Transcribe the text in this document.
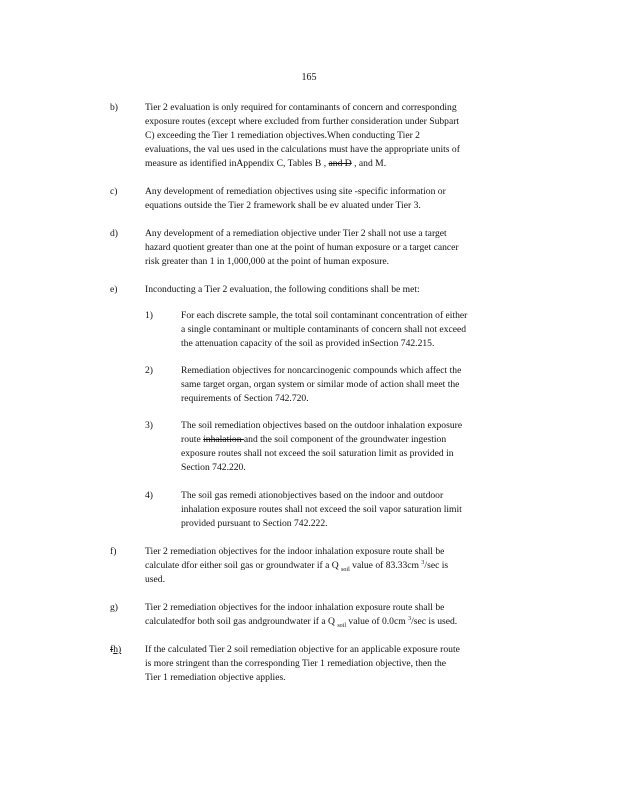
165
b)	Tier 2 evaluation is only required for contaminants of concern and corresponding
exposure routes (except where excluded from further consideration under Subpart
C) exceeding the Tier 1 remediation objectives.When conducting Tier 2
evaluations, the val ues used in the calculations must have the appropriate units of
measure as identified inAppendix C, Tables B , and D , and M.
c)	Any development of remediation objectives using site -specific information or
equations outside the Tier 2 framework shall be ev aluated under Tier 3.
d)	Any development of a remediation objective under Tier 2 shall not use a target
hazard quotient greater than one at the point of human exposure or a target cancer
risk greater than 1 in 1,000,000 at the point of human exposure.
e)	Inconducting a Tier 2 evaluation, the following conditions shall be met:
1)	For each discrete sample, the total soil contaminant concentration of either
a single contaminant or multiple contaminants of concern shall not exceed
the attenuation capacity of the soil as provided inSection 742.215.
2)	Remediation objectives for noncarcinogenic compounds which affect the
same target organ, organ system or similar mode of action shall meet the
requirements of Section 742.720.
3)	The soil remediation objectives based on the outdoor inhalation exposure
route inhalation and the soil component of the groundwater ingestion
exposure routes shall not exceed the soil saturation limit as provided in
Section 742.220.
4)	The soil gas remedi ationobjectives based on the indoor and outdoor
inhalation exposure routes shall not exceed the soil vapor saturation limit
provided pursuant to Section 742.222.
f)	Tier 2 remediation objectives for the indoor inhalation exposure route shall be
calculate dfor either soil gas or groundwater if a Q $_{soil}$ value of 83.33cm $^3$/sec is
used.
g)	Tier 2 remediation objectives for the indoor inhalation exposure route shall be
calculatedfor both soil gas andgroundwater if a Q $_{soil}$ value of 0.0cm $^3$/sec is used.
fh)	If the calculated Tier 2 soil remediation objective for an applicable exposure route
is more stringent than the corresponding Tier 1 remediation objective, then the
Tier 1 remediation objective applies.
